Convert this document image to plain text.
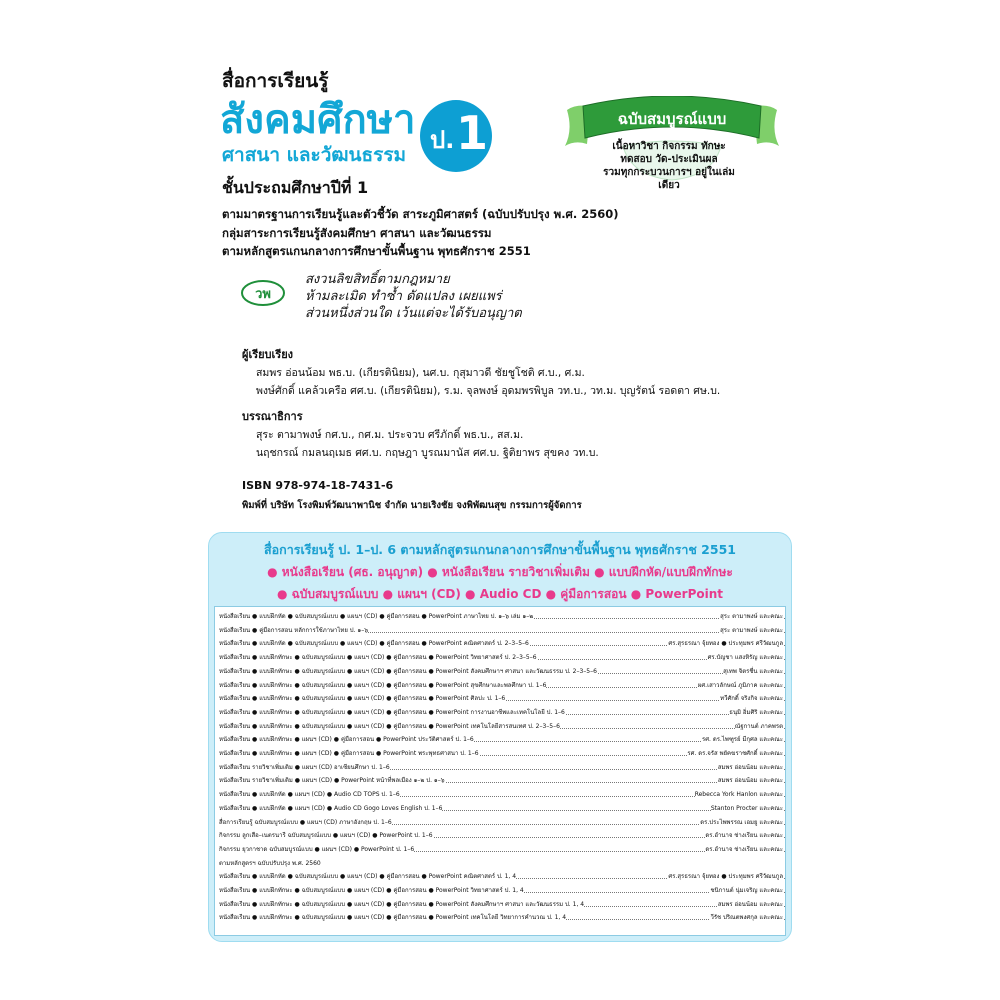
สื่อการเรียนรู้
สังคมศึกษา
ศาสนา และวัฒนธรรม
ป. 1
ชั้นประถมศึกษาปีที่ 1
ตามมาตรฐานการเรียนรู้และตัวชี้วัด สาระภูมิศาสตร์ (ฉบับปรับปรุง พ.ศ. 2560)
กลุ่มสาระการเรียนรู้สังคมศึกษา ศาสนา และวัฒนธรรม
ตามหลักสูตรแกนกลางการศึกษาขั้นพื้นฐาน พุทธศักราช 2551
ฉบับสมบูรณ์แบบ
เนื้อหาวิชา กิจกรรม ทักษะ
ทดสอบ วัด-ประเมินผล
รวมทุกกระบวนการฯ อยู่ในเล่มเดียว
วพ
สงวนลิขสิทธิ์ตามกฎหมาย
ห้ามละเมิด ทำซ้ำ ดัดแปลง เผยแพร่
ส่วนหนึ่งส่วนใด เว้นแต่จะได้รับอนุญาต
ผู้เรียบเรียง
สมพร อ่อนน้อม พธ.บ. (เกียรตินิยม), นศ.บ. กุสุมาวดี ชัยชูโชติ ศ.บ., ศ.ม.
พงษ์ศักดิ์ แคล้วเครือ ศศ.บ. (เกียรตินิยม), ร.ม. จุลพงษ์ อุดมพรพิบูล วท.บ., วท.ม. บุญรัตน์ รอดตา ศษ.บ.
บรรณาธิการ
สุระ ตามาพงษ์ กศ.บ., กศ.ม. ประจวบ ศรีภักดิ์ พธ.บ., สส.ม.
นฤชกรณ์ กมลนฤเมธ ศศ.บ. กฤษฎา บูรณมานัส ศศ.บ. ฐิติยาพร สุขคง วท.บ.
ISBN 978-974-18-7431-6
พิมพ์ที่ บริษัท โรงพิมพ์วัฒนาพานิช จำกัด นายเริงชัย จงพิพัฒนสุข กรรมการผู้จัดการ
สื่อการเรียนรู้ ป. 1–ป. 6 ตามหลักสูตรแกนกลางการศึกษาขั้นพื้นฐาน พุทธศักราช 2551
● หนังสือเรียน (ศธ. อนุญาต) ● หนังสือเรียน รายวิชาเพิ่มเติม ● แบบฝึกหัด/แบบฝึกทักษะ
● ฉบับสมบูรณ์แบบ ● แผนฯ (CD) ● Audio CD ● คู่มือการสอน ● PowerPoint
หนังสือเรียน ● แบบฝึกหัด ● ฉบับสมบูรณ์แบบ ● แผนฯ (CD) ● คู่มือการสอน ● PowerPoint ภาษาไทย ป. ๑–๖ เล่ม ๑–๒	สุระ ตามาพงษ์ และคณะ
หนังสือเรียน ● คู่มือการสอน หลักการใช้ภาษาไทย ป. ๑–๖	สุระ ตามาพงษ์ และคณะ
หนังสือเรียน ● แบบฝึกหัด ● ฉบับสมบูรณ์แบบ ● แผนฯ (CD) ● คู่มือการสอน ● PowerPoint คณิตศาสตร์ ป. 2–3–5–6	ศร.สุรธรณา จุ้ยทอง ● ประทุมพร ศรีวัฒนกูล
หนังสือเรียน ● แบบฝึกทักษะ ● ฉบับสมบูรณ์แบบ ● แผนฯ (CD) ● คู่มือการสอน ● PowerPoint วิทยาศาสตร์ ป. 2–3–5–6	ศร.บัญชา แสงหิรัญ และคณะ
หนังสือเรียน ● แบบฝึกทักษะ ● ฉบับสมบูรณ์แบบ ● แผนฯ (CD) ● คู่มือการสอน ● PowerPoint สังคมศึกษาฯ ศาสนา และวัฒนธรรม ป. 2–3–5–6	สุเทพ จิตรชื่น และคณะ
หนังสือเรียน ● แบบฝึกทักษะ ● ฉบับสมบูรณ์แบบ ● แผนฯ (CD) ● คู่มือการสอน ● PowerPoint สุขศึกษาและพลศึกษา ป. 1–6	ผศ.เสาวลักษณ์ ภูมิภาค และคณะ
หนังสือเรียน ● แบบฝึกทักษะ ● ฉบับสมบูรณ์แบบ ● แผนฯ (CD) ● คู่มือการสอน ● PowerPoint ศิลปะ ป. 1–6	ทวีศักดิ์ จริงกิจ และคณะ
หนังสือเรียน ● แบบฝึกทักษะ ● ฉบับสมบูรณ์แบบ ● แผนฯ (CD) ● คู่มือการสอน ● PowerPoint การงานอาชีพและเทคโนโลยี ป. 1–6	ธนุมิ อิ่มศิริ และคณะ
หนังสือเรียน ● แบบฝึกทักษะ ● ฉบับสมบูรณ์แบบ ● แผนฯ (CD) ● คู่มือการสอน ● PowerPoint เทคโนโลยีสารสนเทศ ป. 2–3–5–6	ณัฐกานต์ ภาคพรต
หนังสือเรียน ● แบบฝึกทักษะ ● แผนฯ (CD) ● คู่มือการสอน ● PowerPoint ประวัติศาสตร์ ป. 1–6	รศ. ดร.ไพฑูรย์ มีกุศล และคณะ
หนังสือเรียน ● แบบฝึกทักษะ ● แผนฯ (CD) ● คู่มือการสอน ● PowerPoint พระพุทธศาสนา ป. 1–6	รศ. ดร.จรัส พยัคฆราชศักดิ์ และคณะ
หนังสือเรียน รายวิชาเพิ่มเติม ● แผนฯ (CD) อาเซียนศึกษา ป. 1–6	สมพร อ่อนน้อม และคณะ
หนังสือเรียน รายวิชาเพิ่มเติม ● แผนฯ (CD) ● PowerPoint หน้าที่พลเมือง ๑–๒ ป. ๑–๖	สมพร อ่อนน้อม และคณะ
หนังสือเรียน ● แบบฝึกหัด ● แผนฯ (CD) ● Audio CD TOPS ป. 1–6	Rebecca York Hanlon และคณะ
หนังสือเรียน ● แบบฝึกหัด ● แผนฯ (CD) ● Audio CD Gogo Loves English ป. 1–6	Stanton Procter และคณะ
สื่อการเรียนรู้ ฉบับสมบูรณ์แบบ ● แผนฯ (CD) ภาษาอังกฤษ ป. 1–6	ดร.ประไพพรรณ เอมยู และคณะ
กิจกรรม ลูกเสือ–เนตรนารี ฉบับสมบูรณ์แบบ ● แผนฯ (CD) ● PowerPoint ป. 1–6	ดร.อำนาจ ช่างเรียน และคณะ
กิจกรรม ยุวกาชาด ฉบับสมบูรณ์แบบ ● แผนฯ (CD) ● PowerPoint ป. 1–6	ดร.อำนาจ ช่างเรียน และคณะ
ตามหลักสูตรฯ ฉบับปรับปรุง พ.ศ. 2560
หนังสือเรียน ● แบบฝึกหัด ● ฉบับสมบูรณ์แบบ ● แผนฯ (CD) ● คู่มือการสอน ● PowerPoint คณิตศาสตร์ ป. 1, 4	ศร.สุรธรณา จุ้ยทอง ● ประทุมพร ศรีวัฒนกูล
หนังสือเรียน ● แบบฝึกทักษะ ● ฉบับสมบูรณ์แบบ ● แผนฯ (CD) ● คู่มือการสอน ● PowerPoint วิทยาศาสตร์ ป. 1, 4	ชนิกานต์ นุ่มเจริญ และคณะ
หนังสือเรียน ● แบบฝึกทักษะ ● ฉบับสมบูรณ์แบบ ● แผนฯ (CD) ● คู่มือการสอน ● PowerPoint สังคมศึกษาฯ ศาสนา และวัฒนธรรม ป. 1, 4	สมพร อ่อนน้อม และคณะ
หนังสือเรียน ● แบบฝึกทักษะ ● ฉบับสมบูรณ์แบบ ● แผนฯ (CD) ● คู่มือการสอน ● PowerPoint เทคโนโลยี วิทยาการคำนวณ ป. 1, 4	วีรัช ปริณตพงศกุล และคณะ
